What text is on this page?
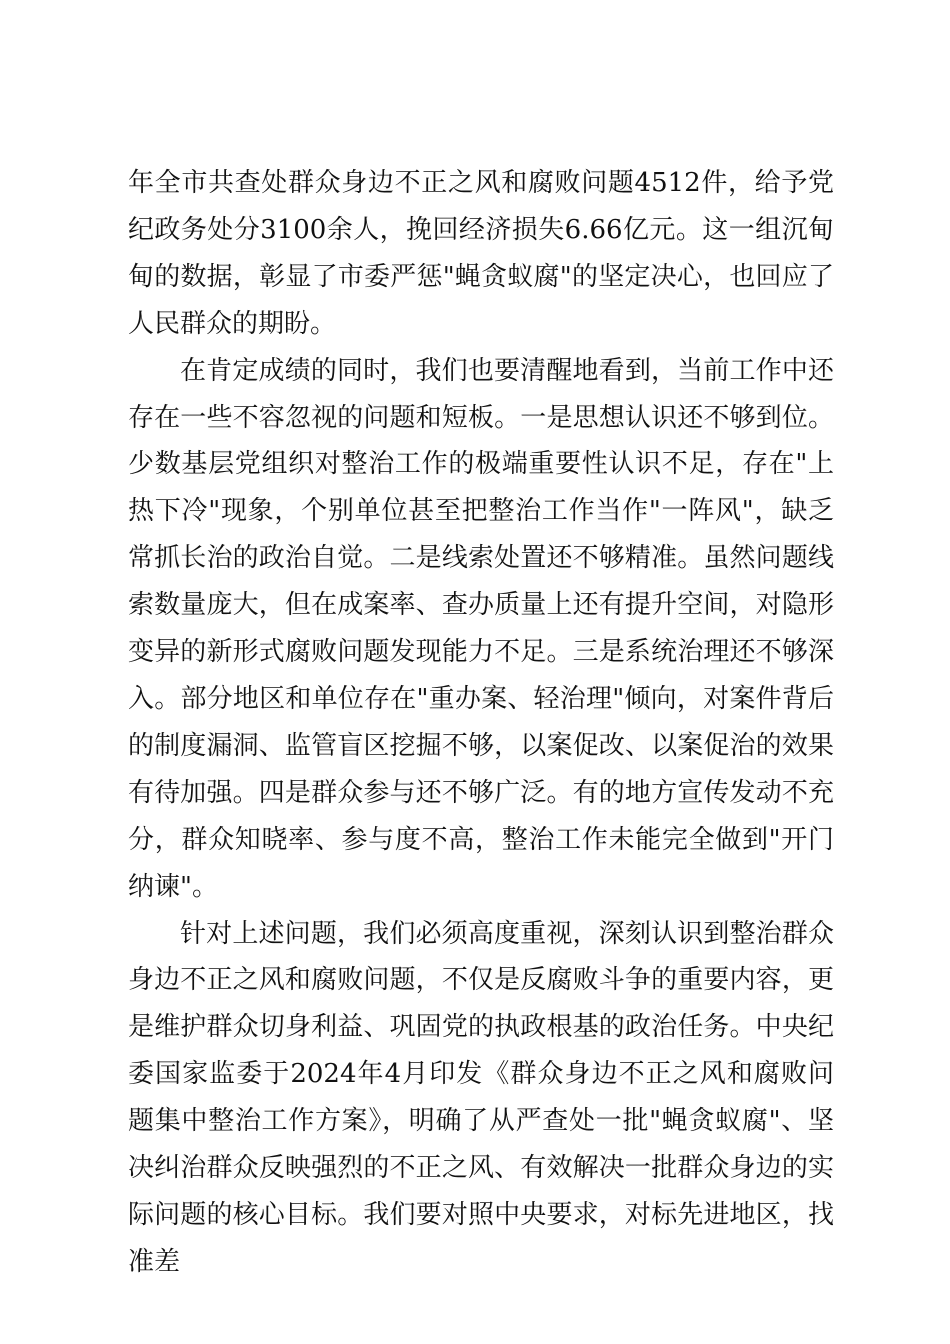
年全市共查处群众身边不正之风和腐败问题4512件，给予党纪政务处分3100余人，挽回经济损失6.66亿元。这一组沉甸甸的数据，彰显了市委严惩"蝇贪蚁腐"的坚定决心，也回应了人民群众的期盼。

在肯定成绩的同时，我们也要清醒地看到，当前工作中还存在一些不容忽视的问题和短板。一是思想认识还不够到位。少数基层党组织对整治工作的极端重要性认识不足，存在"上热下冷"现象，个别单位甚至把整治工作当作"一阵风"，缺乏常抓长治的政治自觉。二是线索处置还不够精准。虽然问题线索数量庞大，但在成案率、查办质量上还有提升空间，对隐形变异的新形式腐败问题发现能力不足。三是系统治理还不够深入。部分地区和单位存在"重办案、轻治理"倾向，对案件背后的制度漏洞、监管盲区挖掘不够，以案促改、以案促治的效果有待加强。四是群众参与还不够广泛。有的地方宣传发动不充分，群众知晓率、参与度不高，整治工作未能完全做到"开门纳谏"。

针对上述问题，我们必须高度重视，深刻认识到整治群众身边不正之风和腐败问题，不仅是反腐败斗争的重要内容，更是维护群众切身利益、巩固党的执政根基的政治任务。中央纪委国家监委于2024年4月印发《群众身边不正之风和腐败问题集中整治工作方案》，明确了从严查处一批"蝇贪蚁腐"、坚决纠治群众反映强烈的不正之风、有效解决一批群众身边的实际问题的核心目标。我们要对照中央要求，对标先进地区，找准差
